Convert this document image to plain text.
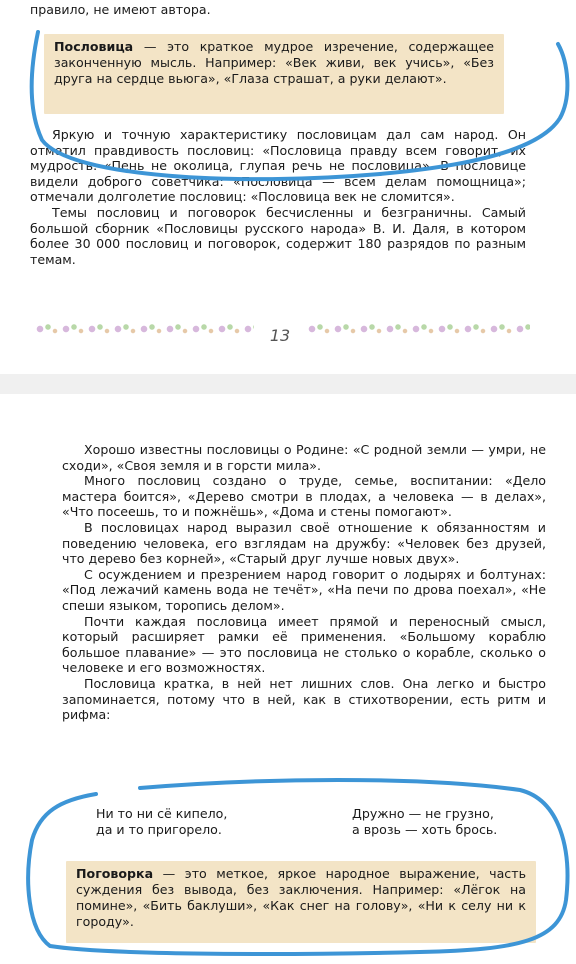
правило, не имеют автора.

Пословица — это краткое мудрое изречение, содержащее законченную мысль. Например: «Век живи, век учись», «Без друга на сердце вьюга», «Глаза страшат, а руки делают».

Яркую и точную характеристику пословицам дал сам народ. Он отметил правдивость пословиц: «Пословица правду всем говорит, их мудрость: «Пень не околица, глупая речь не пословица». В пословице видели доброго советчика: «Пословица — всем делам помощница»; отмечали долголетие пословиц: «Пословица век не сломится».

Темы пословиц и поговорок бесчисленны и безграничны. Самый большой сборник «Пословицы русского народа» В. И. Даля, в котором более 30 000 пословиц и поговорок, содержит 180 разрядов по разным темам.

13

Хорошо известны пословицы о Родине: «С родной земли — умри, не сходи», «Своя земля и в горсти мила».

Много пословиц создано о труде, семье, воспитании: «Дело мастера боится», «Дерево смотри в плодах, а человека — в делах», «Что посеешь, то и пожнёшь», «Дома и стены помогают».

В пословицах народ выразил своё отношение к обязанностям и поведению человека, его взглядам на дружбу: «Человек без друзей, что дерево без корней», «Старый друг лучше новых двух».

С осуждением и презрением народ говорит о лодырях и болтунах: «Под лежачий камень вода не течёт», «На печи по дрова поехал», «Не спеши языком, торопись делом».

Почти каждая пословица имеет прямой и переносный смысл, который расширяет рамки её применения. «Большому кораблю большое плавание» — это пословица не столько о корабле, сколько о человеке и его возможностях.

Пословица кратка, в ней нет лишних слов. Она легко и быстро запоминается, потому что в ней, как в стихотворении, есть ритм и рифма:

Ни то ни сё кипело,
да и то пригорело.
Дружно — не грузно,
а врозь — хоть брось.
Поговорка — это меткое, яркое народное выражение, часть суждения без вывода, без заключения. Например: «Лёгок на помине», «Бить баклуши», «Как снег на голову», «Ни к селу ни к городу».
